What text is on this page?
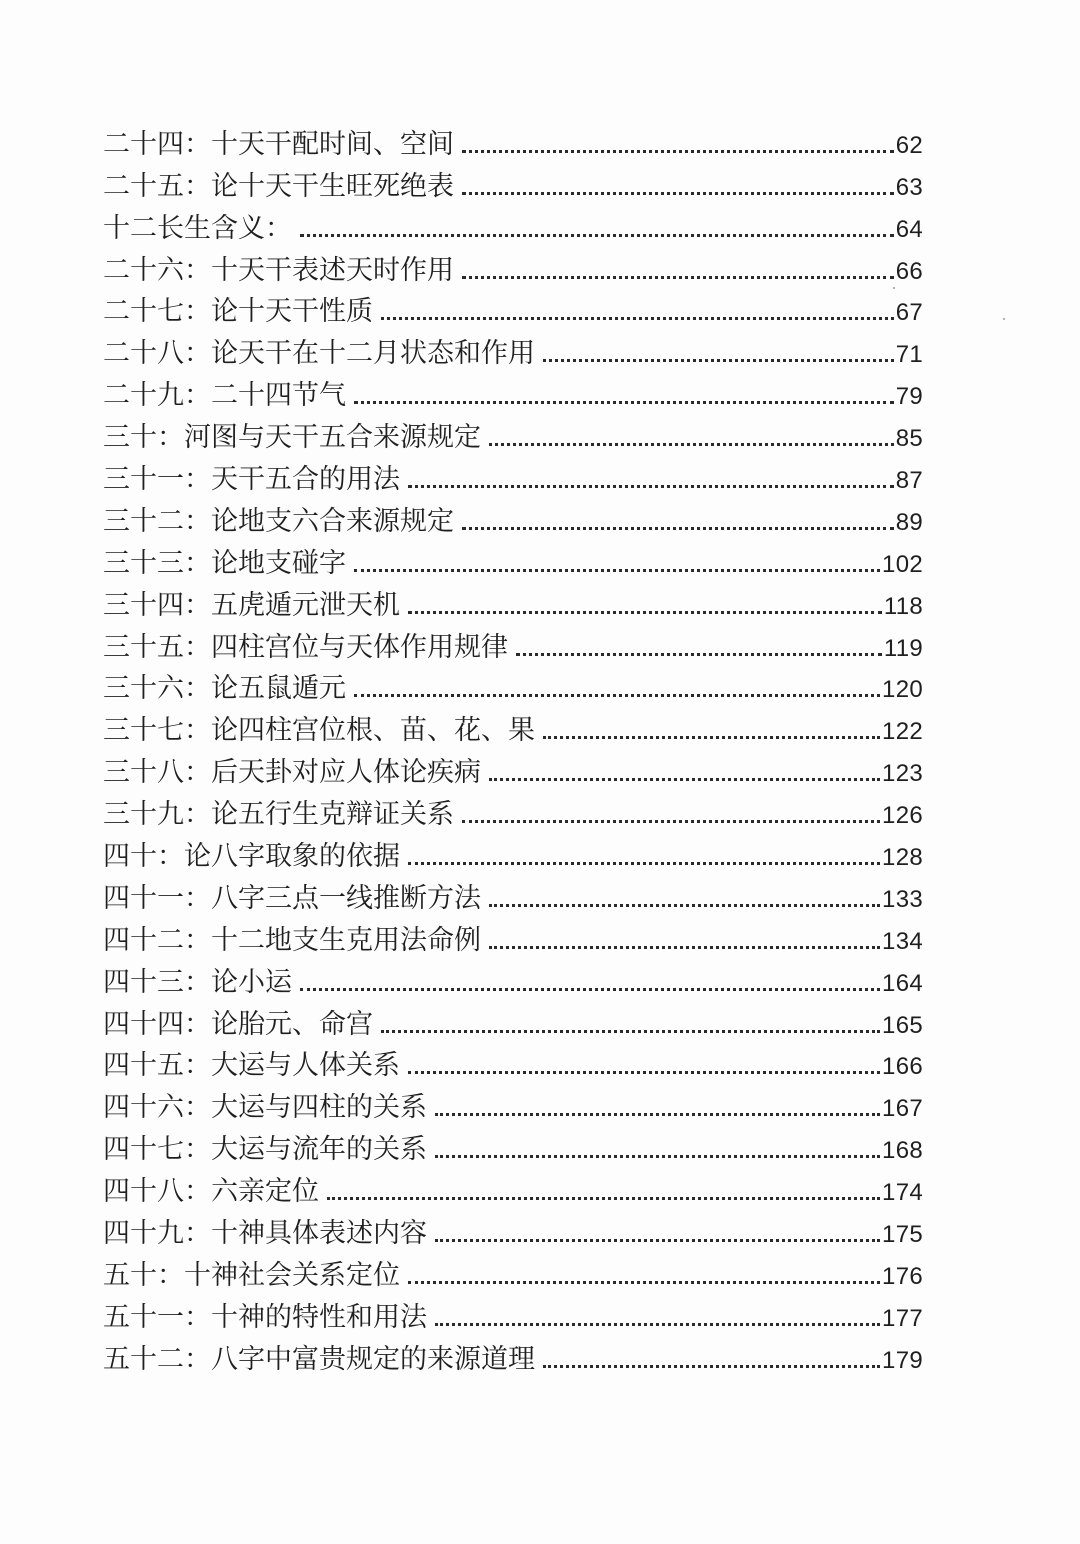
二十四：十天干配时间、空间	62
二十五：论十天干生旺死绝表	63
十二长生含义：	64
二十六：十天干表述天时作用	66
二十七：论十天干性质	67
二十八：论天干在十二月状态和作用	71
二十九：二十四节气	79
三十：河图与天干五合来源规定	85
三十一：天干五合的用法	87
三十二：论地支六合来源规定	89
三十三：论地支碰字	102
三十四：五虎遁元泄天机	118
三十五：四柱宫位与天体作用规律	119
三十六：论五鼠遁元	120
三十七：论四柱宫位根、苗、花、果	122
三十八：后天卦对应人体论疾病	123
三十九：论五行生克辩证关系	126
四十：论八字取象的依据	128
四十一：八字三点一线推断方法	133
四十二：十二地支生克用法命例	134
四十三：论小运	164
四十四：论胎元、命宫	165
四十五：大运与人体关系	166
四十六：大运与四柱的关系	167
四十七：大运与流年的关系	168
四十八：六亲定位	174
四十九：十神具体表述内容	175
五十：十神社会关系定位	176
五十一：十神的特性和用法	177
五十二：八字中富贵规定的来源道理	179
